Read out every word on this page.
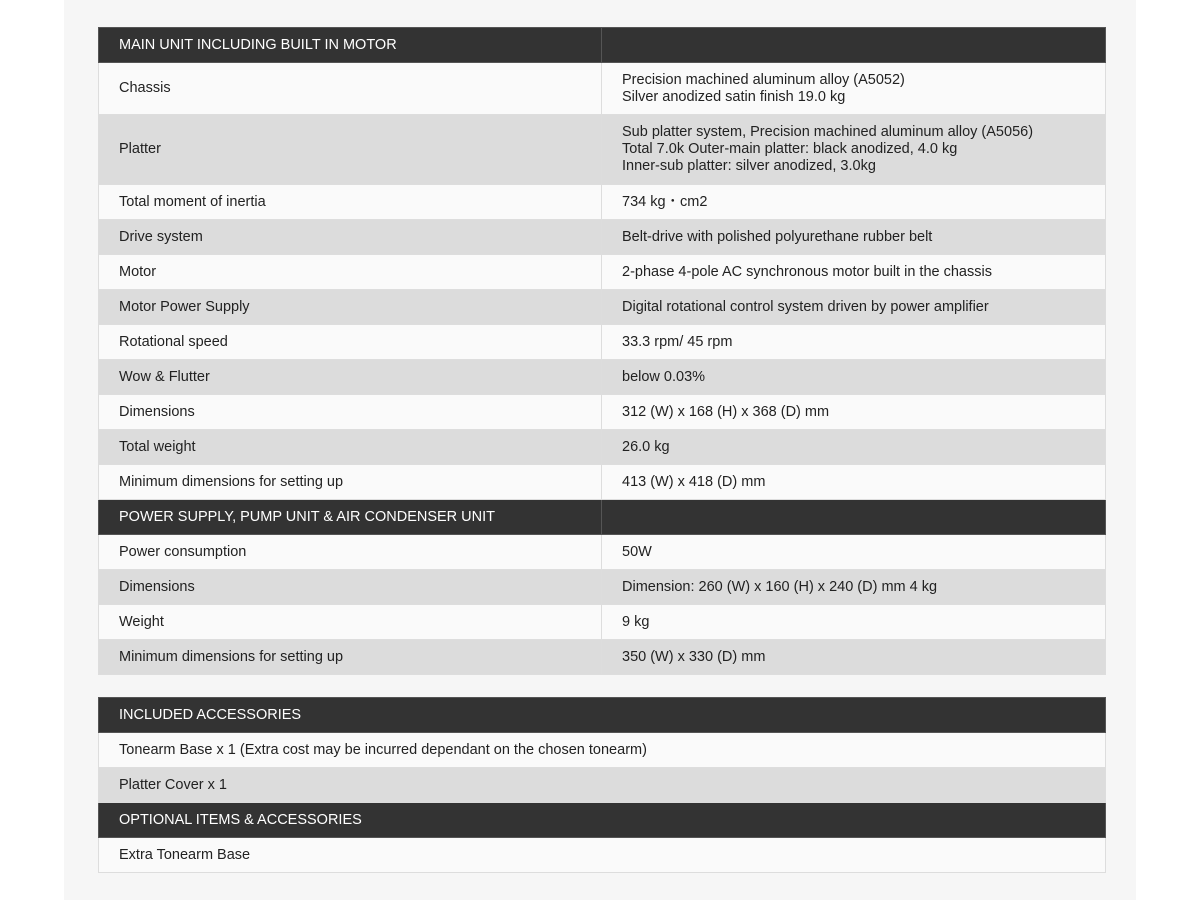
MAIN UNIT INCLUDING BUILT IN MOTOR	
Chassis	Precision machined aluminum alloy (A5052)
Silver anodized satin finish 19.0 kg

Platter	Sub platter system, Precision machined aluminum alloy (A5056)
Total 7.0k Outer-main platter: black anodized, 4.0 kg
Inner-sub platter: silver anodized, 3.0kg

Total moment of inertia	734 kg・cm2
Drive system	Belt-drive with polished polyurethane rubber belt
Motor	2-phase 4-pole AC synchronous motor built in the chassis
Motor Power Supply	Digital rotational control system driven by power amplifier
Rotational speed	33.3 rpm/ 45 rpm
Wow & Flutter	below 0.03%
Dimensions	312 (W) x 168 (H) x 368 (D) mm
Total weight	26.0 kg
Minimum dimensions for setting up	413 (W) x 418 (D) mm
POWER SUPPLY, PUMP UNIT & AIR CONDENSER UNIT	
Power consumption	50W
Dimensions	Dimension: 260 (W) x 160 (H) x 240 (D) mm 4 kg
Weight	9 kg
Minimum dimensions for setting up	350 (W) x 330 (D) mm
INCLUDED ACCESSORIES
Tonearm Base x 1 (Extra cost may be incurred dependant on the chosen tonearm)
Platter Cover x 1
OPTIONAL ITEMS & ACCESSORIES
Extra Tonearm Base
